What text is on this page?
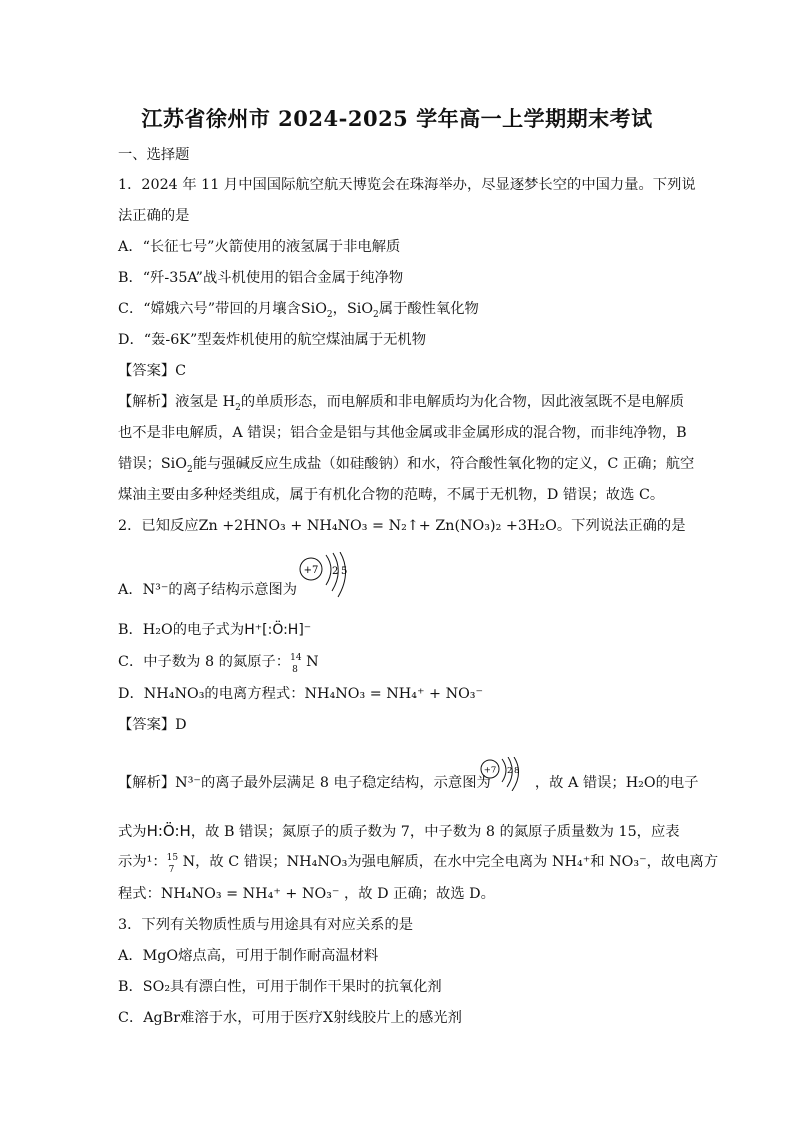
江苏省徐州市 2024-2025 学年高一上学期期末考试
一、选择题
1．2024 年 11 月中国国际航空航天博览会在珠海举办，尽显逐梦长空的中国力量。下列说
法正确的是
A．“长征七号”火箭使用的液氢属于非电解质
B．“歼-35A”战斗机使用的铝合金属于纯净物
C．“嫦娥六号”带回的月壤含SiO$_2$，SiO$_2$属于酸性氧化物
D．“轰-6K”型轰炸机使用的航空煤油属于无机物
【答案】C
【解析】液氢是 $H_2$的单质形态，而电解质和非电解质均为化合物，因此液氢既不是电解质
也不是非电解质，A 错误；铝合金是铝与其他金属或非金属形成的混合物，而非纯净物，B
错误；SiO$_2$能与强碱反应生成盐（如硅酸钠）和水，符合酸性氧化物的定义，C 正确；航空
煤油主要由多种烃类组成，属于有机化合物的范畴，不属于无机物，D 错误；故选 C。
2．已知反应Zn +2HNO₃ + NH₄NO₃ = N₂↑+ Zn(NO₃)₂ +3H₂O。下列说法正确的是
A．N³⁻的离子结构示意图为
+7 2 5
B．H₂O的电子式为H⁺[:Ö:H]⁻
C．中子数为 8 的氮原子： 14
8 N
D．NH₄NO₃的电离方程式：NH₄NO₃ = NH₄⁺ + NO₃⁻
【答案】D
【解析】N³⁻的离子最外层满足 8 电子稳定结构，示意图为	，故 A 错误；H₂O的电子
+7 2 8
式为H:Ö:H，故 B 错误；氮原子的质子数为 7，中子数为 8 的氮原子质量数为 15，应表
示为¹： 15
7 N，故 C 错误；NH₄NO₃为强电解质，在水中完全电离为 NH₄⁺和 NO₃⁻，故电离方
程式：NH₄NO₃ = NH₄⁺ + NO₃⁻ ，故 D 正确；故选 D。
3．下列有关物质性质与用途具有对应关系的是
A．MgO熔点高，可用于制作耐高温材料
B．SO₂具有漂白性，可用于制作干果时的抗氧化剂
C．AgBr难溶于水，可用于医疗X射线胶片上的感光剂
